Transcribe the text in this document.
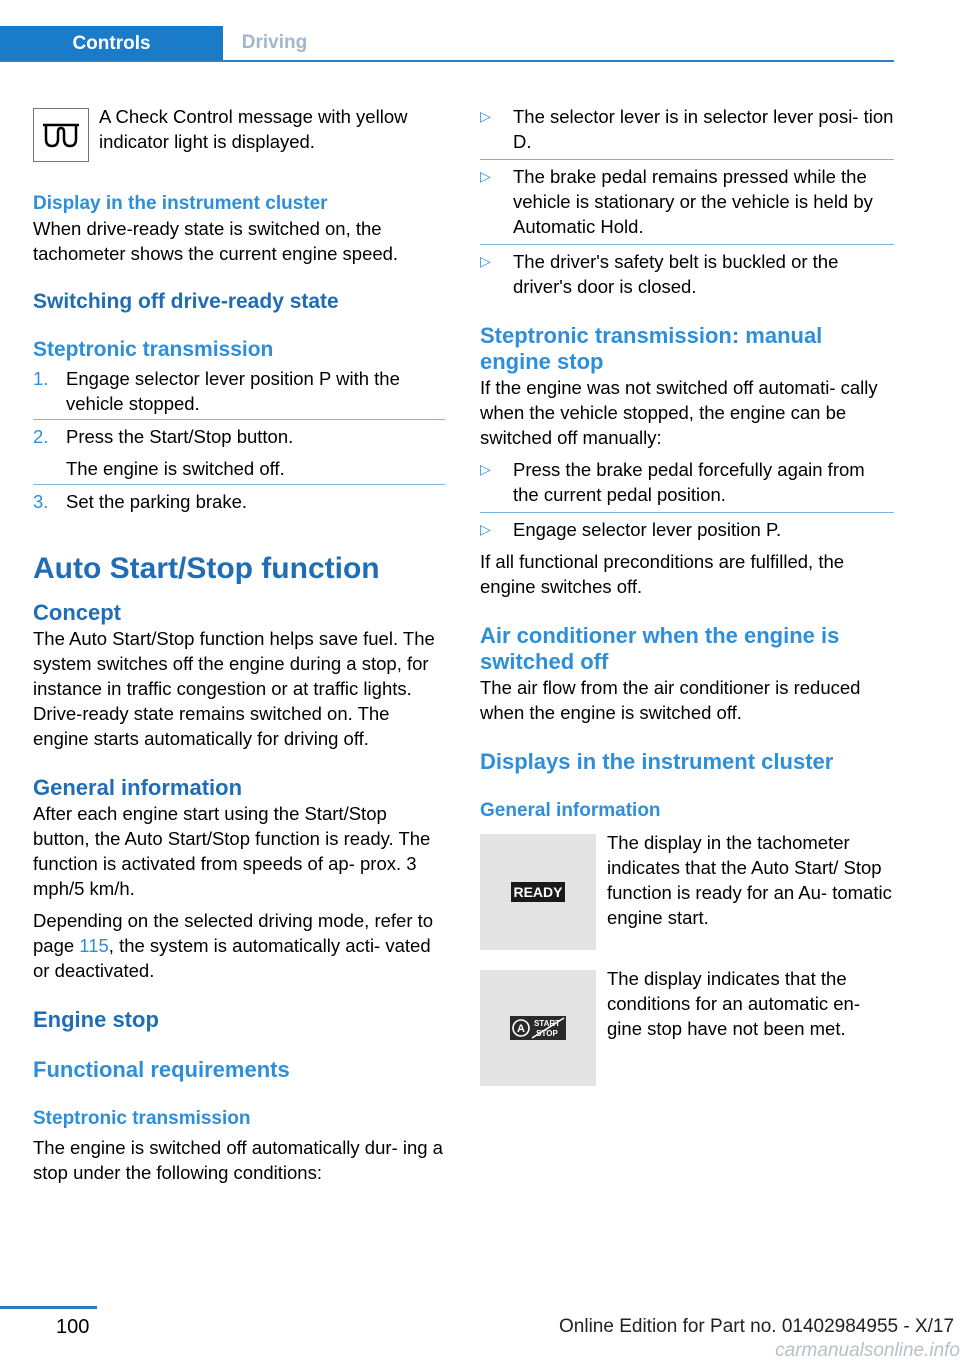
Controls	Driving

A Check Control message with yellow indicator light is displayed.

Display in the instrument cluster

When drive-ready state is switched on, the tachometer shows the current engine speed.

Switching off drive-ready state
Steptronic transmission
1. Engage selector lever position P with the vehicle stopped.
2. Press the Start/Stop button.
The engine is switched off.
3. Set the parking brake.
Auto Start/Stop function
Concept

The Auto Start/Stop function helps save fuel. The system switches off the engine during a stop, for instance in traffic congestion or at traffic lights. Drive-ready state remains switched on. The engine starts automatically for driving off.

General information

After each engine start using the Start/Stop button, the Auto Start/Stop function is ready. The function is activated from speeds of ap‐ prox. 3 mph/5 km/h.

Depending on the selected driving mode, refer to page 115, the system is automatically acti‐ vated or deactivated.

Engine stop
Functional requirements
Steptronic transmission

The engine is switched off automatically dur‐ ing a stop under the following conditions:

▷	The selector lever is in selector lever posi‐ tion D.
▷	The brake pedal remains pressed while the vehicle is stationary or the vehicle is held by Automatic Hold.
▷	The driver's safety belt is buckled or the driver's door is closed.
Steptronic transmission: manual engine stop

If the engine was not switched off automati‐ cally when the vehicle stopped, the engine can be switched off manually:

▷	Press the brake pedal forcefully again from the current pedal position.
▷	Engage selector lever position P.

If all functional preconditions are fulfilled, the engine switches off.

Air conditioner when the engine is switched off

The air flow from the air conditioner is reduced when the engine is switched off.

Displays in the instrument cluster
General information
READY

The display in the tachometer indicates that the Auto Start/ Stop function is ready for an Au‐ tomatic engine start.

A START
STOP

The display indicates that the conditions for an automatic en‐ gine stop have not been met.

100	Online Edition for Part no. 01402984955 - X/17
carmanualsonline.info
